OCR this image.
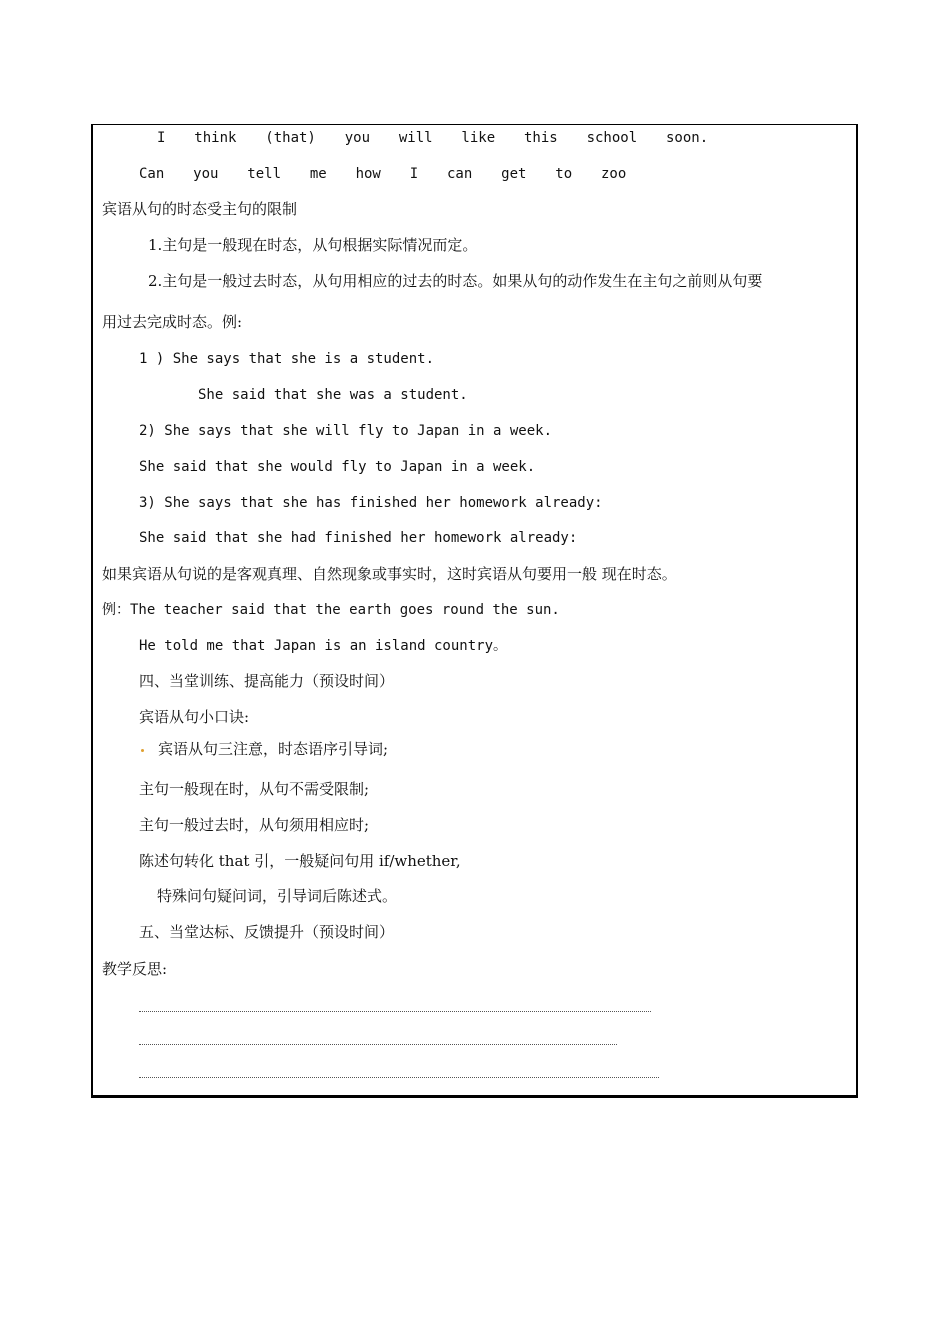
I  think  (that)  you  will  like  this  school  soon.
Can  you  tell  me  how  I  can  get  to  zoo
宾语从句的时态受主句的限制
1.主句是一般现在时态，从句根据实际情况而定。
2.主句是一般过去时态，从句用相应的过去的时态。如果从句的动作发生在主句之前则从句要
用过去完成时态。例:
1 ) She says that she is a student.
She said that she was a student.
2) She says that she will fly to Japan in a week.
She said that she would fly to Japan in a week.
3) She says that she has finished her homework already:
She said that she had finished her homework already:
如果宾语从句说的是客观真理、自然现象或事实时，这时宾语从句要用一般 现在时态。
例：The teacher said that the earth goes round the sun.
He told me that Japan is an island country。
四、当堂训练、提高能力（预设时间）
宾语从句小口诀:
宾语从句三注意，时态语序引导词;
主句一般现在时，从句不需受限制;
主句一般过去时，从句须用相应时;
陈述句转化 that 引，一般疑问句用 if/whether,
特殊问句疑问词，引导词后陈述式。
五、当堂达标、反馈提升（预设时间）
教学反思:
